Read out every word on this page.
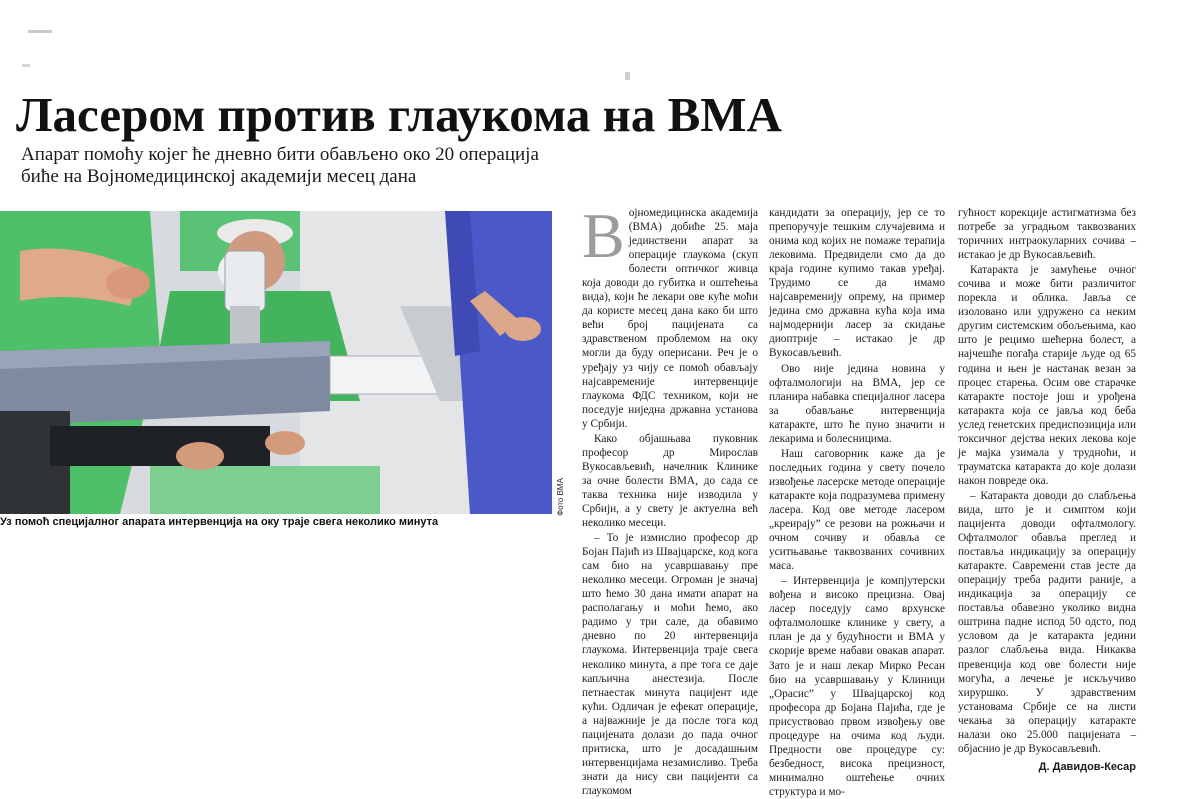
Ласером против глаукома на ВМА
Апарат помоћу којег ће дневно бити обављено око 20 операција
биће на Војномедицинској академији месец дана
Фото ВМА

Уз помоћ специјалног апарата интервенција на оку траје свега неколико минута

В ојномедицинска академија (ВМА) добиће 25. маја јединствени апарат за операције глаукома (скуп болести оптичког живца која доводи до губитка и оштећења вида), који ће лекари ове куће моћи да користе месец дана како би што већи број пацијената са здравственом проблемом на оку могли да буду оперисани. Реч је о уређају уз чију се помоћ обављају најсавременије интервенције глаукома ФДС техником, који не поседује ниједна државна установа у Србији.

Како објашњава пуковник професор др Мирослав Вукосављевић, начелник Клинике за очне болести ВМА, до сада се таква техника није изводила у Србији, а у свету је актуелна већ неколико месеци.

– То је измислио професор др Бојан Пајић из Швајцарске, код кога сам био на усавршавању пре неколико месеци. Огроман је значај што ћемо 30 дана имати апарат на располагању и моћи ћемо, ако радимо у три сале, да обавимо дневно по 20 интервенција глаукома. Интервенција траје свега неколико минута, а пре тога се даје капљична анестезија. После петнаестак минута пацијент иде кући. Одличан је ефекат операције, а најважније је да после тога код пацијената долази до пада очног притиска, што је досадашњим интервенцијама незамисливо. Треба знати да нису сви пацијенти са глаукомом

кандидати за операцију, јер се то препоручује тешким случајевима и онима код којих не помаже терапија лековима. Предвидели смо да до краја године купимо такав уређај. Трудимо се да имамо најсавременију опрему, на пример једина смо државна кућа која има најмодернији ласер за скидање диоптрије – истакао је др Вукосављевић.

Ово није једина новина у офталмологији на ВМА, јер се планира набавка специјалног ласера за обављање интервенција катаракте, што ће пуно значити и лекарима и болесницима.

Наш саговорник каже да је последњих година у свету почело извођење ласерске методе операције катаракте која подразумева примену ласера. Код ове методе ласером „креирају” се резови на рожњачи и очном сочиву и обавља се уситњавање таквозваних сочивних маса.

– Интервенција је компјутерски вођена и високо прецизна. Овај ласер поседују само врхунске офталмолошке клинике у свету, а план је да у будућности и ВМА у скорије време набави овакав апарат. Зато је и наш лекар Мирко Ресан био на усавршавању у Клиници „Орасис” у Швајцарској код професора др Бојана Пајића, где је присуствовао првом извођењу ове процедуре на очима код људи. Предности ове процедуре су: безбедност, висока прецизност, минимално оштећење очних структура и мо-

гућност корекције астигматизма без потребе за уградњом таквозваних торичних интраокуларних сочива – истакао је др Вукосављевић.

Катаракта је замућење очног сочива и може бити различитог порекла и облика. Јавља се изоловано или удружено са неким другим системским обољењима, као што је рецимо шећерна болест, а најчешће погађа старије људе од 65 година и њен је настанак везан за процес старења. Осим ове старачке катаракте постоје још и урођена катаракта која се јавља код беба услед генетских предиспозиција или токсичног дејства неких лекова које је мајка узимала у трудноћи, и трауматска катаракта до које долази након повреде ока.

– Катаракта доводи до слабљења вида, што је и симптом који пацијента доводи офталмологу. Офталмолог обавља преглед и поставља индикацију за операцију катаракте. Савремени став јесте да операцију треба радити раније, а индикација за операцију се поставља обавезно уколико видна оштрина падне испод 50 одсто, под условом да је катаракта једини разлог слабљења вида. Никаква превенција код ове болести није могућа, а лечење је искључиво хируршко. У здравственим установама Србије се на листи чекања за операцију катаракте налази око 25.000 пацијената – објаснио је др Вукосављевић.

Д. Давидов-Кесар
